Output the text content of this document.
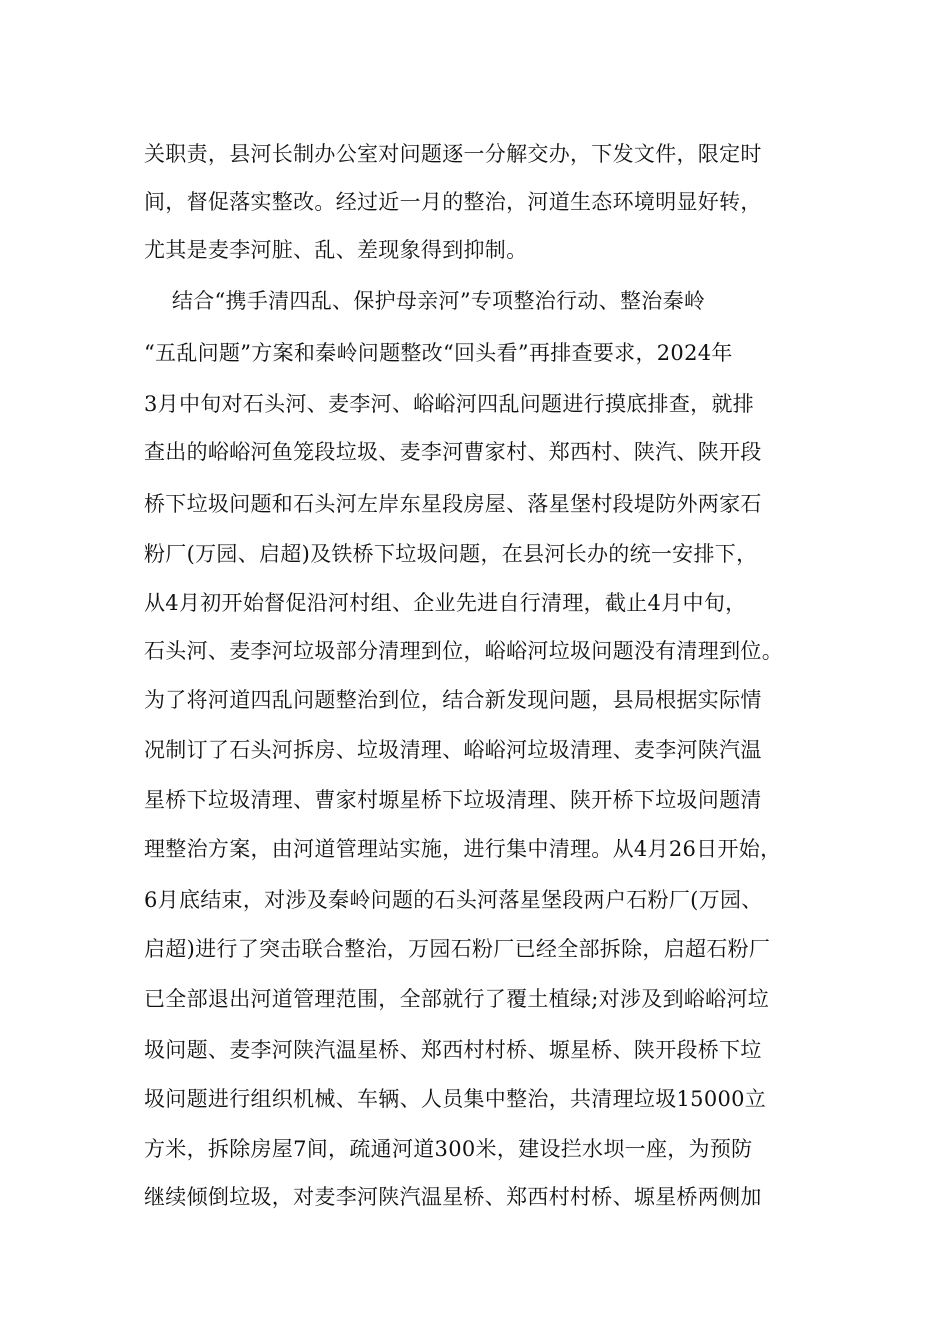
关职责，县河长制办公室对问题逐一分解交办，下发文件，限定时
间，督促落实整改。经过近一月的整治，河道生态环境明显好转，
尤其是麦李河脏、乱、差现象得到抑制。
结合“携手清四乱、保护母亲河”专项整治行动、整治秦岭
“五乱问题”方案和秦岭问题整改“回头看”再排查要求，2024年
3月中旬对石头河、麦李河、峪峪河四乱问题进行摸底排查，就排
查出的峪峪河鱼笼段垃圾、麦李河曹家村、郑西村、陕汽、陕开段
桥下垃圾问题和石头河左岸东星段房屋、落星堡村段堤防外两家石
粉厂(万园、启超)及铁桥下垃圾问题，在县河长办的统一安排下，
从4月初开始督促沿河村组、企业先进自行清理，截止4月中旬，
石头河、麦李河垃圾部分清理到位，峪峪河垃圾问题没有清理到位。
为了将河道四乱问题整治到位，结合新发现问题，县局根据实际情
况制订了石头河拆房、垃圾清理、峪峪河垃圾清理、麦李河陕汽温
星桥下垃圾清理、曹家村塬星桥下垃圾清理、陕开桥下垃圾问题清
理整治方案，由河道管理站实施，进行集中清理。从4月26日开始，
6月底结束，对涉及秦岭问题的石头河落星堡段两户石粉厂(万园、
启超)进行了突击联合整治，万园石粉厂已经全部拆除，启超石粉厂
已全部退出河道管理范围，全部就行了覆土植绿;对涉及到峪峪河垃
圾问题、麦李河陕汽温星桥、郑西村村桥、塬星桥、陕开段桥下垃
圾问题进行组织机械、车辆、人员集中整治，共清理垃圾15000立
方米，拆除房屋7间，疏通河道300米，建设拦水坝一座，为预防
继续倾倒垃圾，对麦李河陕汽温星桥、郑西村村桥、塬星桥两侧加
